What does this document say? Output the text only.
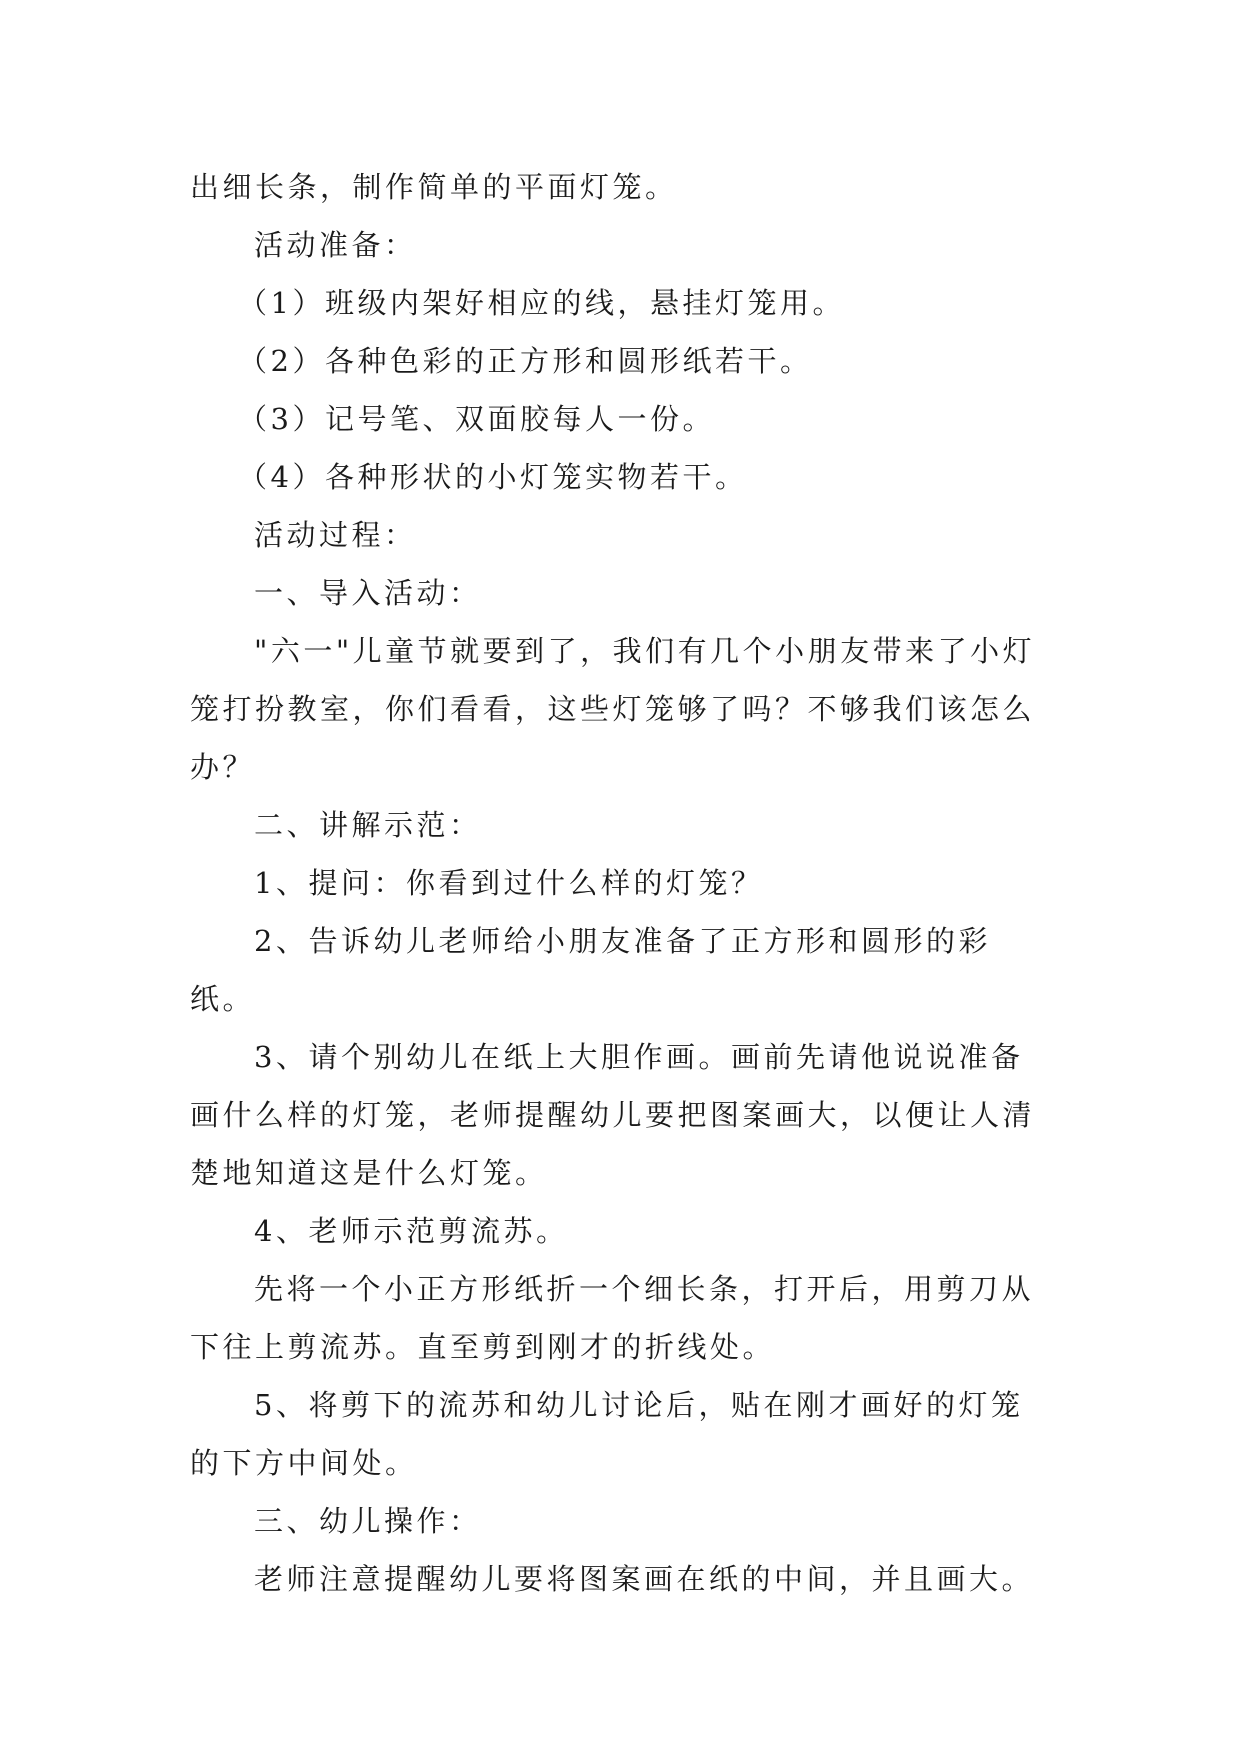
出细长条，制作简单的平面灯笼。

活动准备：

（1）班级内架好相应的线，悬挂灯笼用。

（2）各种色彩的正方形和圆形纸若干。

（3）记号笔、双面胶每人一份。

（4）各种形状的小灯笼实物若干。

活动过程：

一、导入活动：

"六一"儿童节就要到了，我们有几个小朋友带来了小灯笼打扮教室，你们看看，这些灯笼够了吗？不够我们该怎么办？

二、讲解示范：

1、提问：你看到过什么样的灯笼？

2、告诉幼儿老师给小朋友准备了正方形和圆形的彩纸。

3、请个别幼儿在纸上大胆作画。画前先请他说说准备画什么样的灯笼，老师提醒幼儿要把图案画大，以便让人清楚地知道这是什么灯笼。

4、老师示范剪流苏。

先将一个小正方形纸折一个细长条，打开后，用剪刀从下往上剪流苏。直至剪到刚才的折线处。

5、将剪下的流苏和幼儿讨论后，贴在刚才画好的灯笼的下方中间处。

三、幼儿操作：

老师注意提醒幼儿要将图案画在纸的中间，并且画大。
